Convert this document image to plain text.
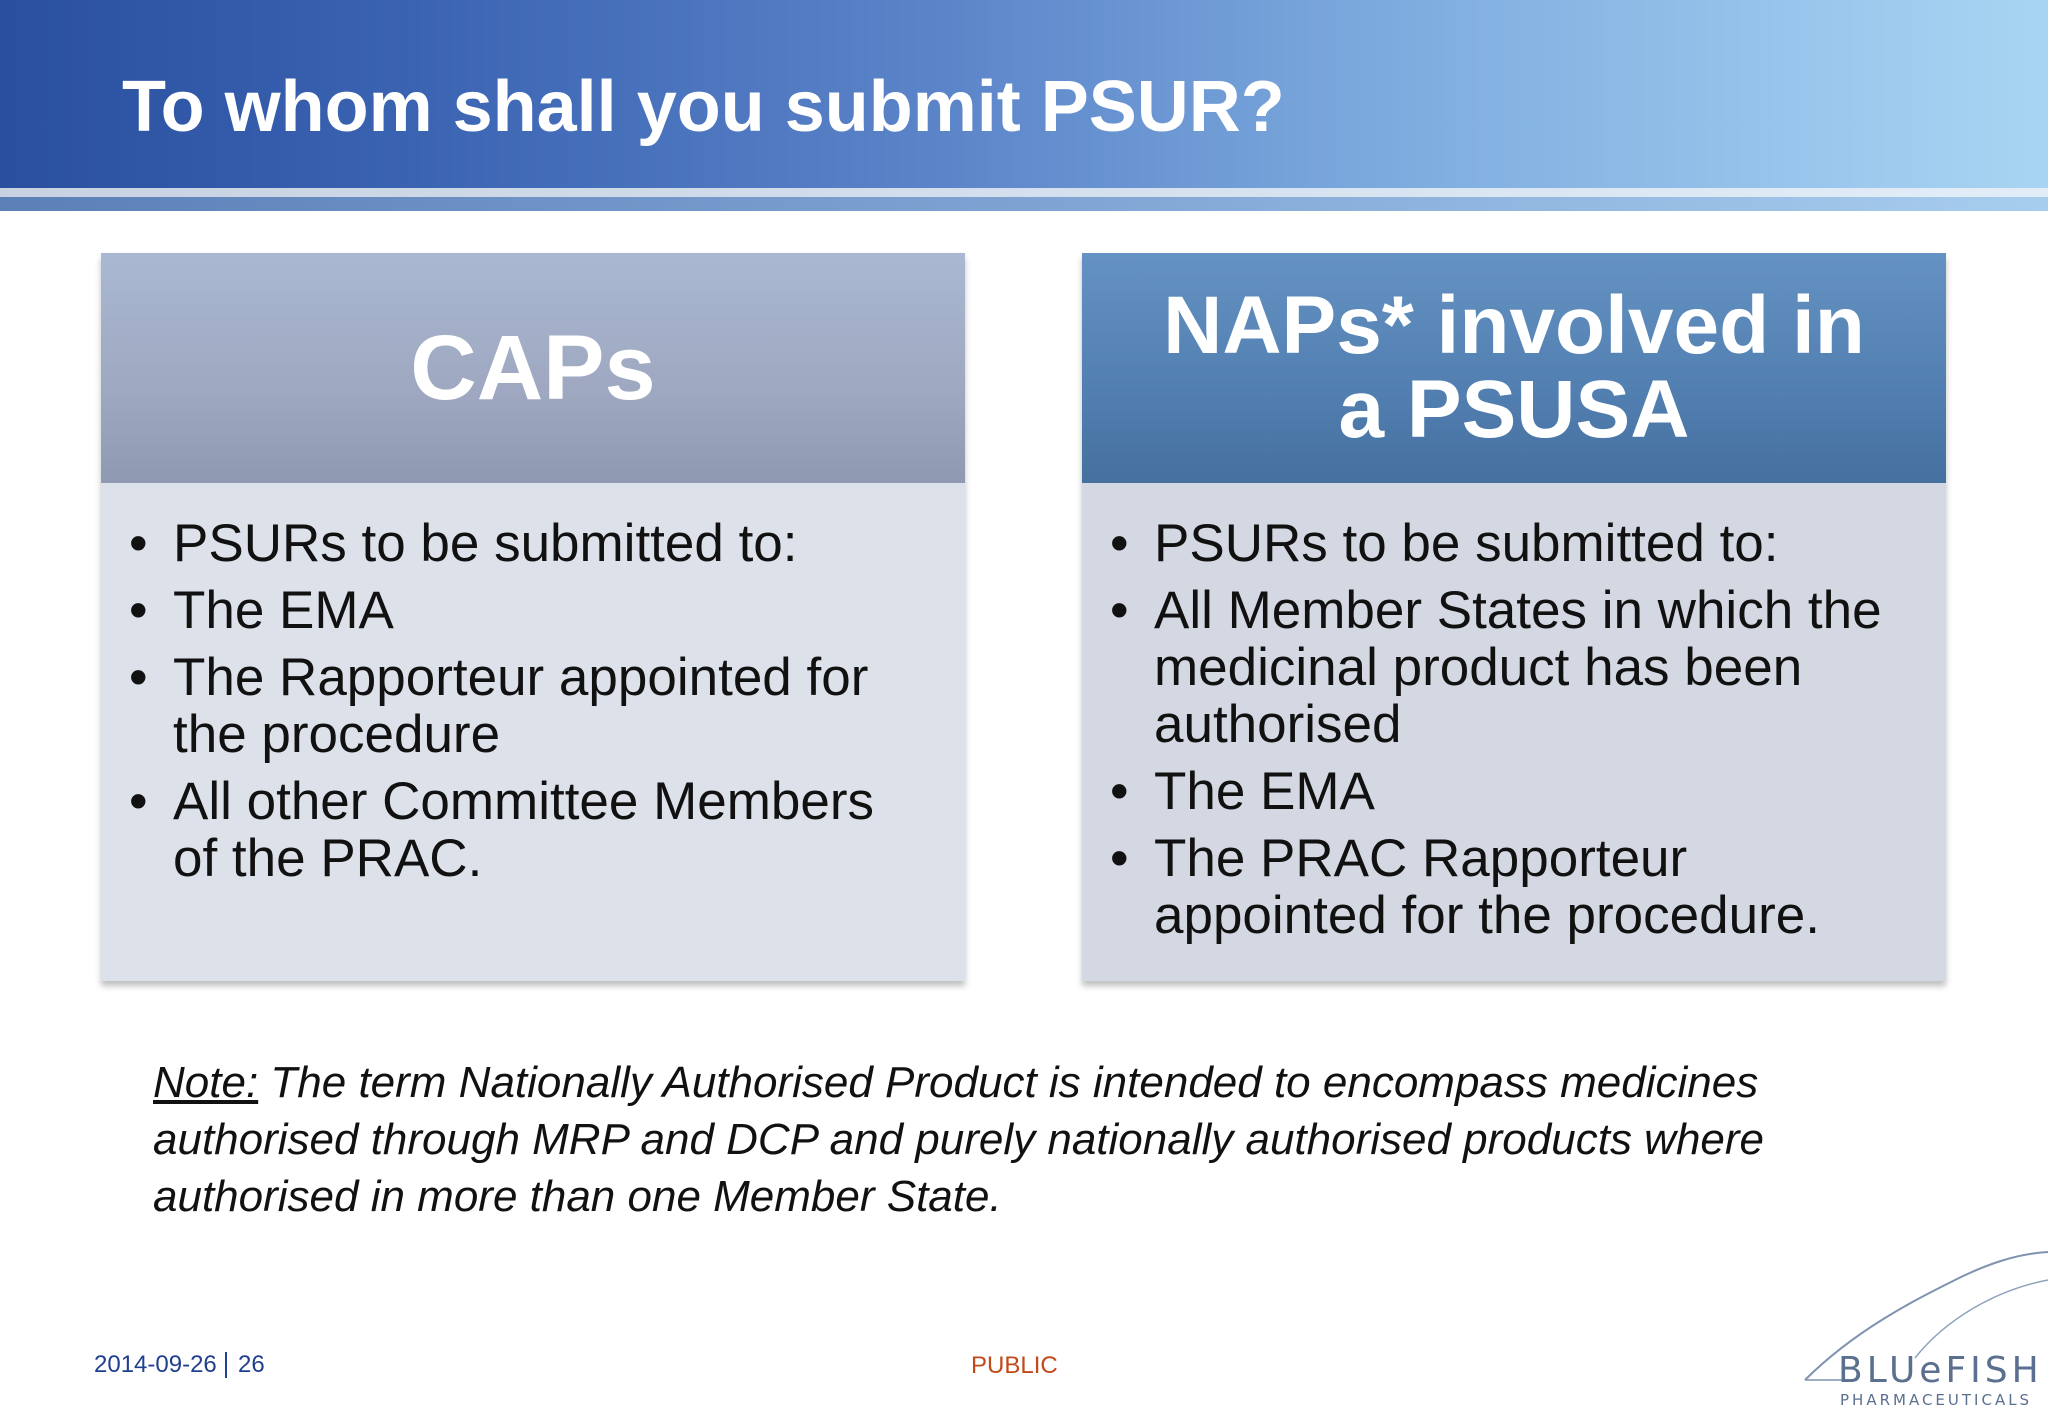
To whom shall you submit PSUR?
CAPs
• PSURs to be submitted to:
• The EMA
• The Rapporteur appointed for the procedure
• All other Committee Members of the PRAC.
NAPs* involved in
a PSUSA
• PSURs to be submitted to:
• All Member States in which the medicinal product has been authorised
• The EMA
• The PRAC Rapporteur appointed for the procedure.

Note: The term Nationally Authorised Product is intended to encompass medicines authorised through MRP and DCP and purely nationally authorised products where authorised in more than one Member State.

2014-09-26 26	PUBLIC	BLUeFISH
PHARMACEUTICALS
